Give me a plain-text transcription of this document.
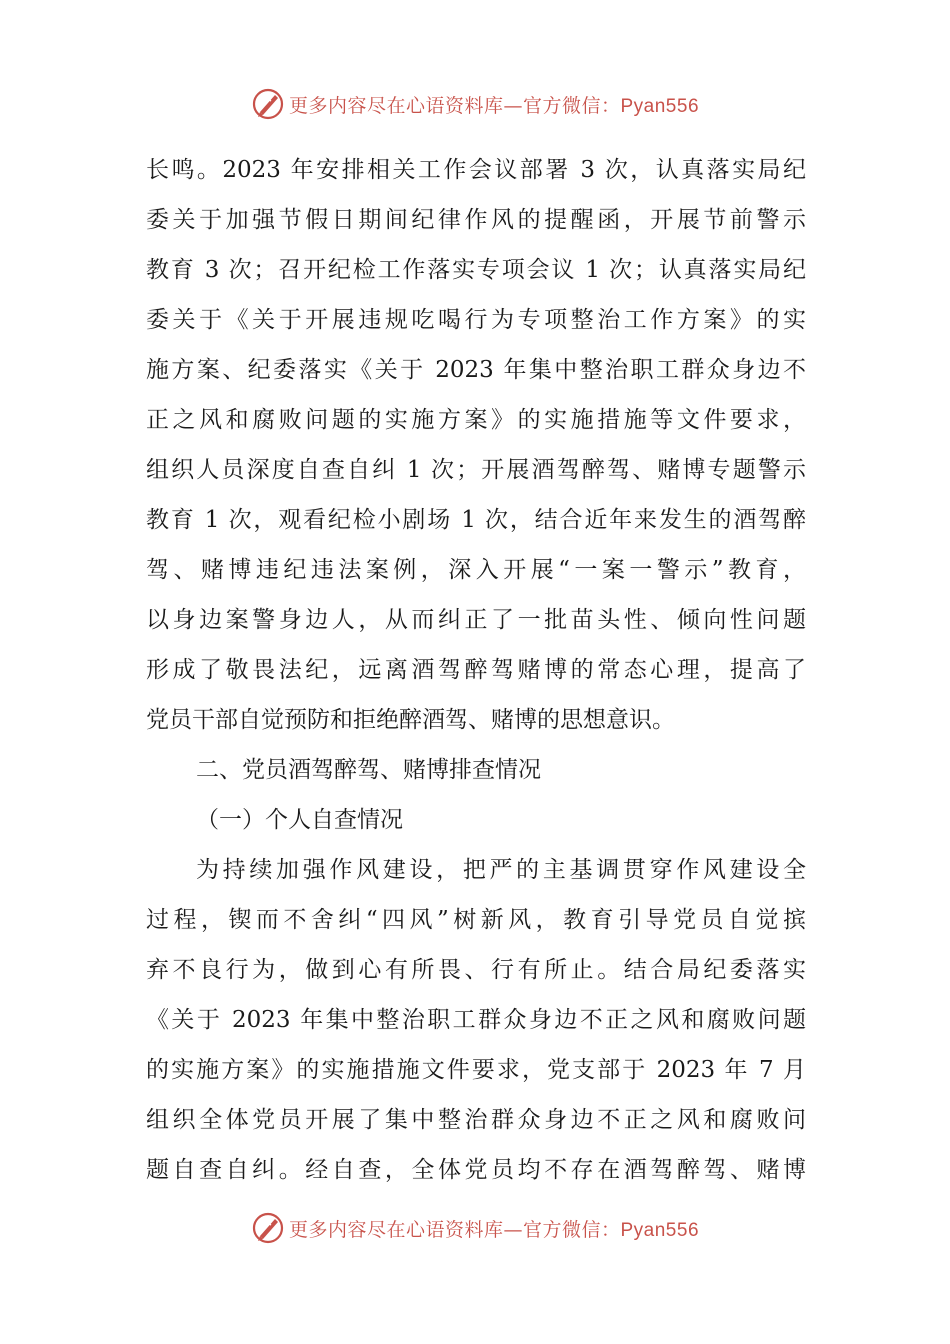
更多内容尽在心语资料库—官方微信：Pyan556
长鸣。2023 年安排相关工作会议部署 3 次，认真落实局纪
委关于加强节假日期间纪律作风的提醒函，开展节前警示
教育 3 次；召开纪检工作落实专项会议 1 次；认真落实局纪
委关于《关于开展违规吃喝行为专项整治工作方案》的实
施方案、纪委落实《关于 2023 年集中整治职工群众身边不
正之风和腐败问题的实施方案》的实施措施等文件要求，
组织人员深度自查自纠 1 次；开展酒驾醉驾、赌博专题警示
教育 1 次，观看纪检小剧场 1 次，结合近年来发生的酒驾醉
驾、赌博违纪违法案例，深入开展“一案一警示”教育，
以身边案警身边人，从而纠正了一批苗头性、倾向性问题
形成了敬畏法纪，远离酒驾醉驾赌博的常态心理，提高了
党员干部自觉预防和拒绝醉酒驾、赌博的思想意识。
二、党员酒驾醉驾、赌博排查情况
（一）个人自查情况
为持续加强作风建设，把严的主基调贯穿作风建设全
过程，锲而不舍纠“四风”树新风，教育引导党员自觉摈
弃不良行为，做到心有所畏、行有所止。结合局纪委落实
《关于 2023 年集中整治职工群众身边不正之风和腐败问题
的实施方案》的实施措施文件要求，党支部于 2023 年 7 月
组织全体党员开展了集中整治群众身边不正之风和腐败问
题自查自纠。经自查，全体党员均不存在酒驾醉驾、赌博
更多内容尽在心语资料库—官方微信：Pyan556
